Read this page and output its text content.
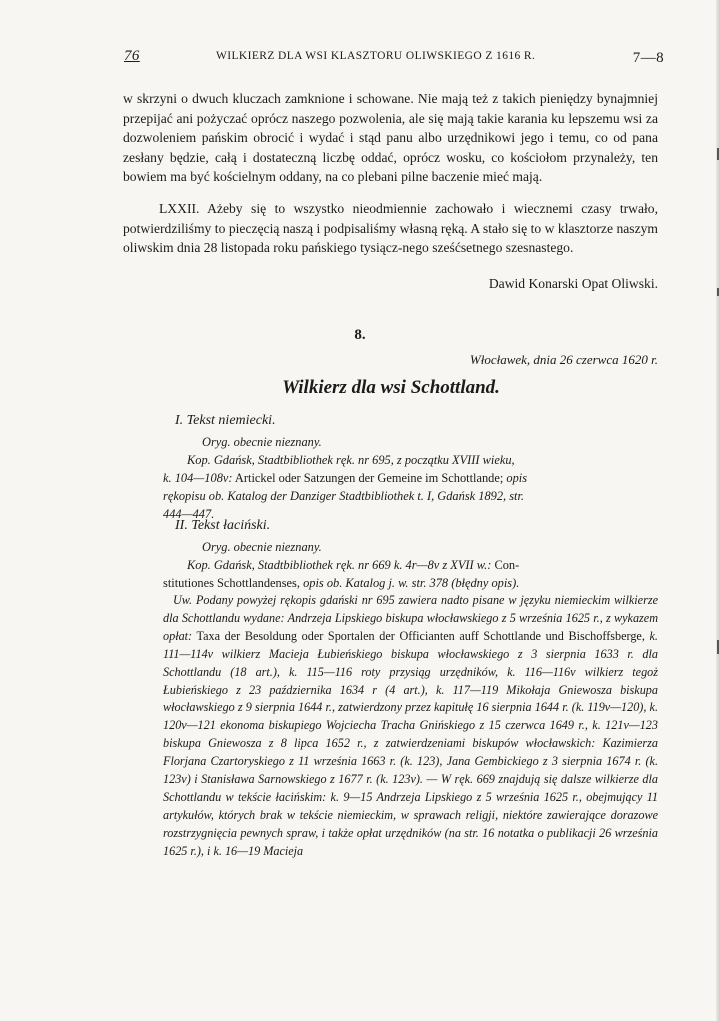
76	WILKIERZ DLA WSI KLASZTORU OLIWSKIEGO Z 1616 R.	7—8
w skrzyni o dwuch kluczach zamknione i schowane. Nie mają też z takich pieniędzy bynajmniej przepijać ani pożyczać oprócz naszego pozwolenia, ale się mają takie karania ku lepszemu wsi za dozwoleniem pańskim obrocić i wydać i stąd panu albo urzędnikowi jego i temu, co od pana zesłany będzie, całą i dostateczną liczbę oddać, oprócz wosku, co kościołom przynależy, ten bowiem ma być kościelnym oddany, na co plebani pilne baczenie mieć mają.
LXXII. Ażeby się to wszystko nieodmiennie zachowało i wiecznemi czasy trwało, potwierdziliśmy to pieczęcią naszą i podpisaliśmy własną ręką. A stało się to w klasztorze naszym oliwskim dnia 28 listopada roku pańskiego tysiącz-nego sześćsetnego szesnastego.
Dawid Konarski Opat Oliwski.
8.
Włocławek, dnia 26 czerwca 1620 r.
Wilkierz dla wsi Schottland.
I. Tekst niemiecki.
Oryg. obecnie nieznany.
Kop. Gdańsk, Stadtbibliothek ręk. nr 695, z początku XVIII wieku,
k. 104—108v: Artickel oder Satzungen der Gemeine im Schottlande; opis
rękopisu ob. Katalog der Danziger Stadtbibliothek t. I, Gdańsk 1892, str.
444—447.
II. Tekst łaciński.
Oryg. obecnie nieznany.
Kop. Gdańsk, Stadtbibliothek ręk. nr 669 k. 4r—8v z XVII w.: Con-
stitutiones Schottlandenses, opis ob. Katalog j. w. str. 378 (błędny opis).
Uw. Podany powyżej rękopis gdański nr 695 zawiera nadto pisane w języku niemieckim wilkierze dla Schottlandu wydane: Andrzeja Lipskiego biskupa włocławskiego z 5 września 1625 r., z wykazem opłat: Taxa der Besoldung oder Sportalen der Officianten auff Schottlande und Bischoffsberge, k. 111—114v wilkierz Macieja Łubieńskiego biskupa włocławskiego z 3 sierpnia 1633 r. dla Schottlandu (18 art.), k. 115—116 roty przysiąg urzędników, k. 116—116v wilkierz tegoż Łubieńskiego z 23 października 1634 r (4 art.), k. 117—119 Mikołaja Gniewosza biskupa włocławskiego z 9 sierpnia 1644 r., zatwierdzony przez kapitułę 16 sierpnia 1644 r. (k. 119v—120), k. 120v—121 ekonoma biskupiego Wojciecha Tracha Gnińskiego z 15 czerwca 1649 r., k. 121v—123 biskupa Gniewosza z 8 lipca 1652 r., z zatwierdzeniami biskupów włocławskich: Kazimierza Florjana Czartoryskiego z 11 września 1663 r. (k. 123), Jana Gembickiego z 3 sierpnia 1674 r. (k. 123v) i Stanisława Sarnowskiego z 1677 r. (k. 123v). — W ręk. 669 znajdują się dalsze wilkierze dla Schottlandu w tekście łacińskim: k. 9—15 Andrzeja Lipskiego z 5 września 1625 r., obejmujący 11 artykułów, których brak w tekście niemieckim, w sprawach religji, niektóre zawierające dorazowe rozstrzygnięcia pewnych spraw, i także opłat urzędników (na str. 16 notatka o publikacji 26 września 1625 r.), i k. 16—19 Macieja
